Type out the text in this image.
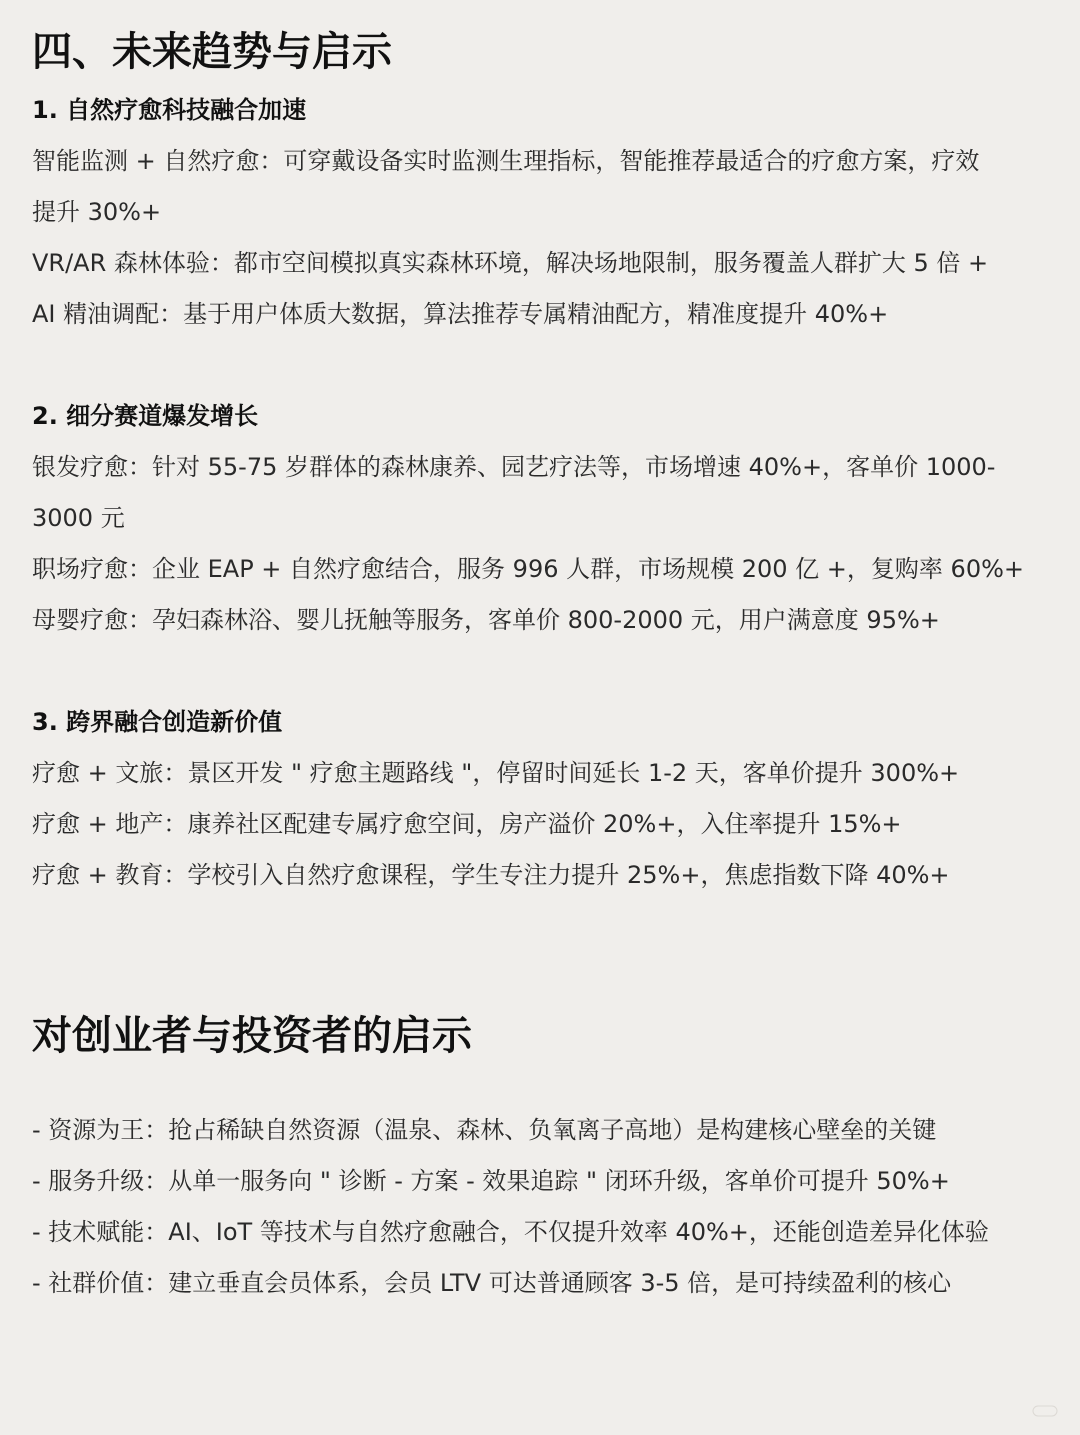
四、未来趋势与启示
1. 自然疗愈科技融合加速
智能监测 + 自然疗愈：可穿戴设备实时监测生理指标，智能推荐最适合的疗愈方案，疗效
提升 30%+
VR/AR 森林体验：都市空间模拟真实森林环境，解决场地限制，服务覆盖人群扩大 5 倍 +
AI 精油调配：基于用户体质大数据，算法推荐专属精油配方，精准度提升 40%+
2. 细分赛道爆发增长
银发疗愈：针对 55-75 岁群体的森林康养、园艺疗法等，市场增速 40%+，客单价 1000-
3000 元
职场疗愈：企业 EAP + 自然疗愈结合，服务 996 人群，市场规模 200 亿 +，复购率 60%+
母婴疗愈：孕妇森林浴、婴儿抚触等服务，客单价 800-2000 元，用户满意度 95%+
3. 跨界融合创造新价值
疗愈 + 文旅：景区开发 " 疗愈主题路线 "，停留时间延长 1-2 天，客单价提升 300%+
疗愈 + 地产：康养社区配建专属疗愈空间，房产溢价 20%+，入住率提升 15%+
疗愈 + 教育：学校引入自然疗愈课程，学生专注力提升 25%+，焦虑指数下降 40%+
对创业者与投资者的启示
- 资源为王：抢占稀缺自然资源（温泉、森林、负氧离子高地）是构建核心壁垒的关键
- 服务升级：从单一服务向 " 诊断 - 方案 - 效果追踪 " 闭环升级，客单价可提升 50%+
- 技术赋能：AI、IoT 等技术与自然疗愈融合，不仅提升效率 40%+，还能创造差异化体验
- 社群价值：建立垂直会员体系，会员 LTV 可达普通顾客 3-5 倍，是可持续盈利的核心
